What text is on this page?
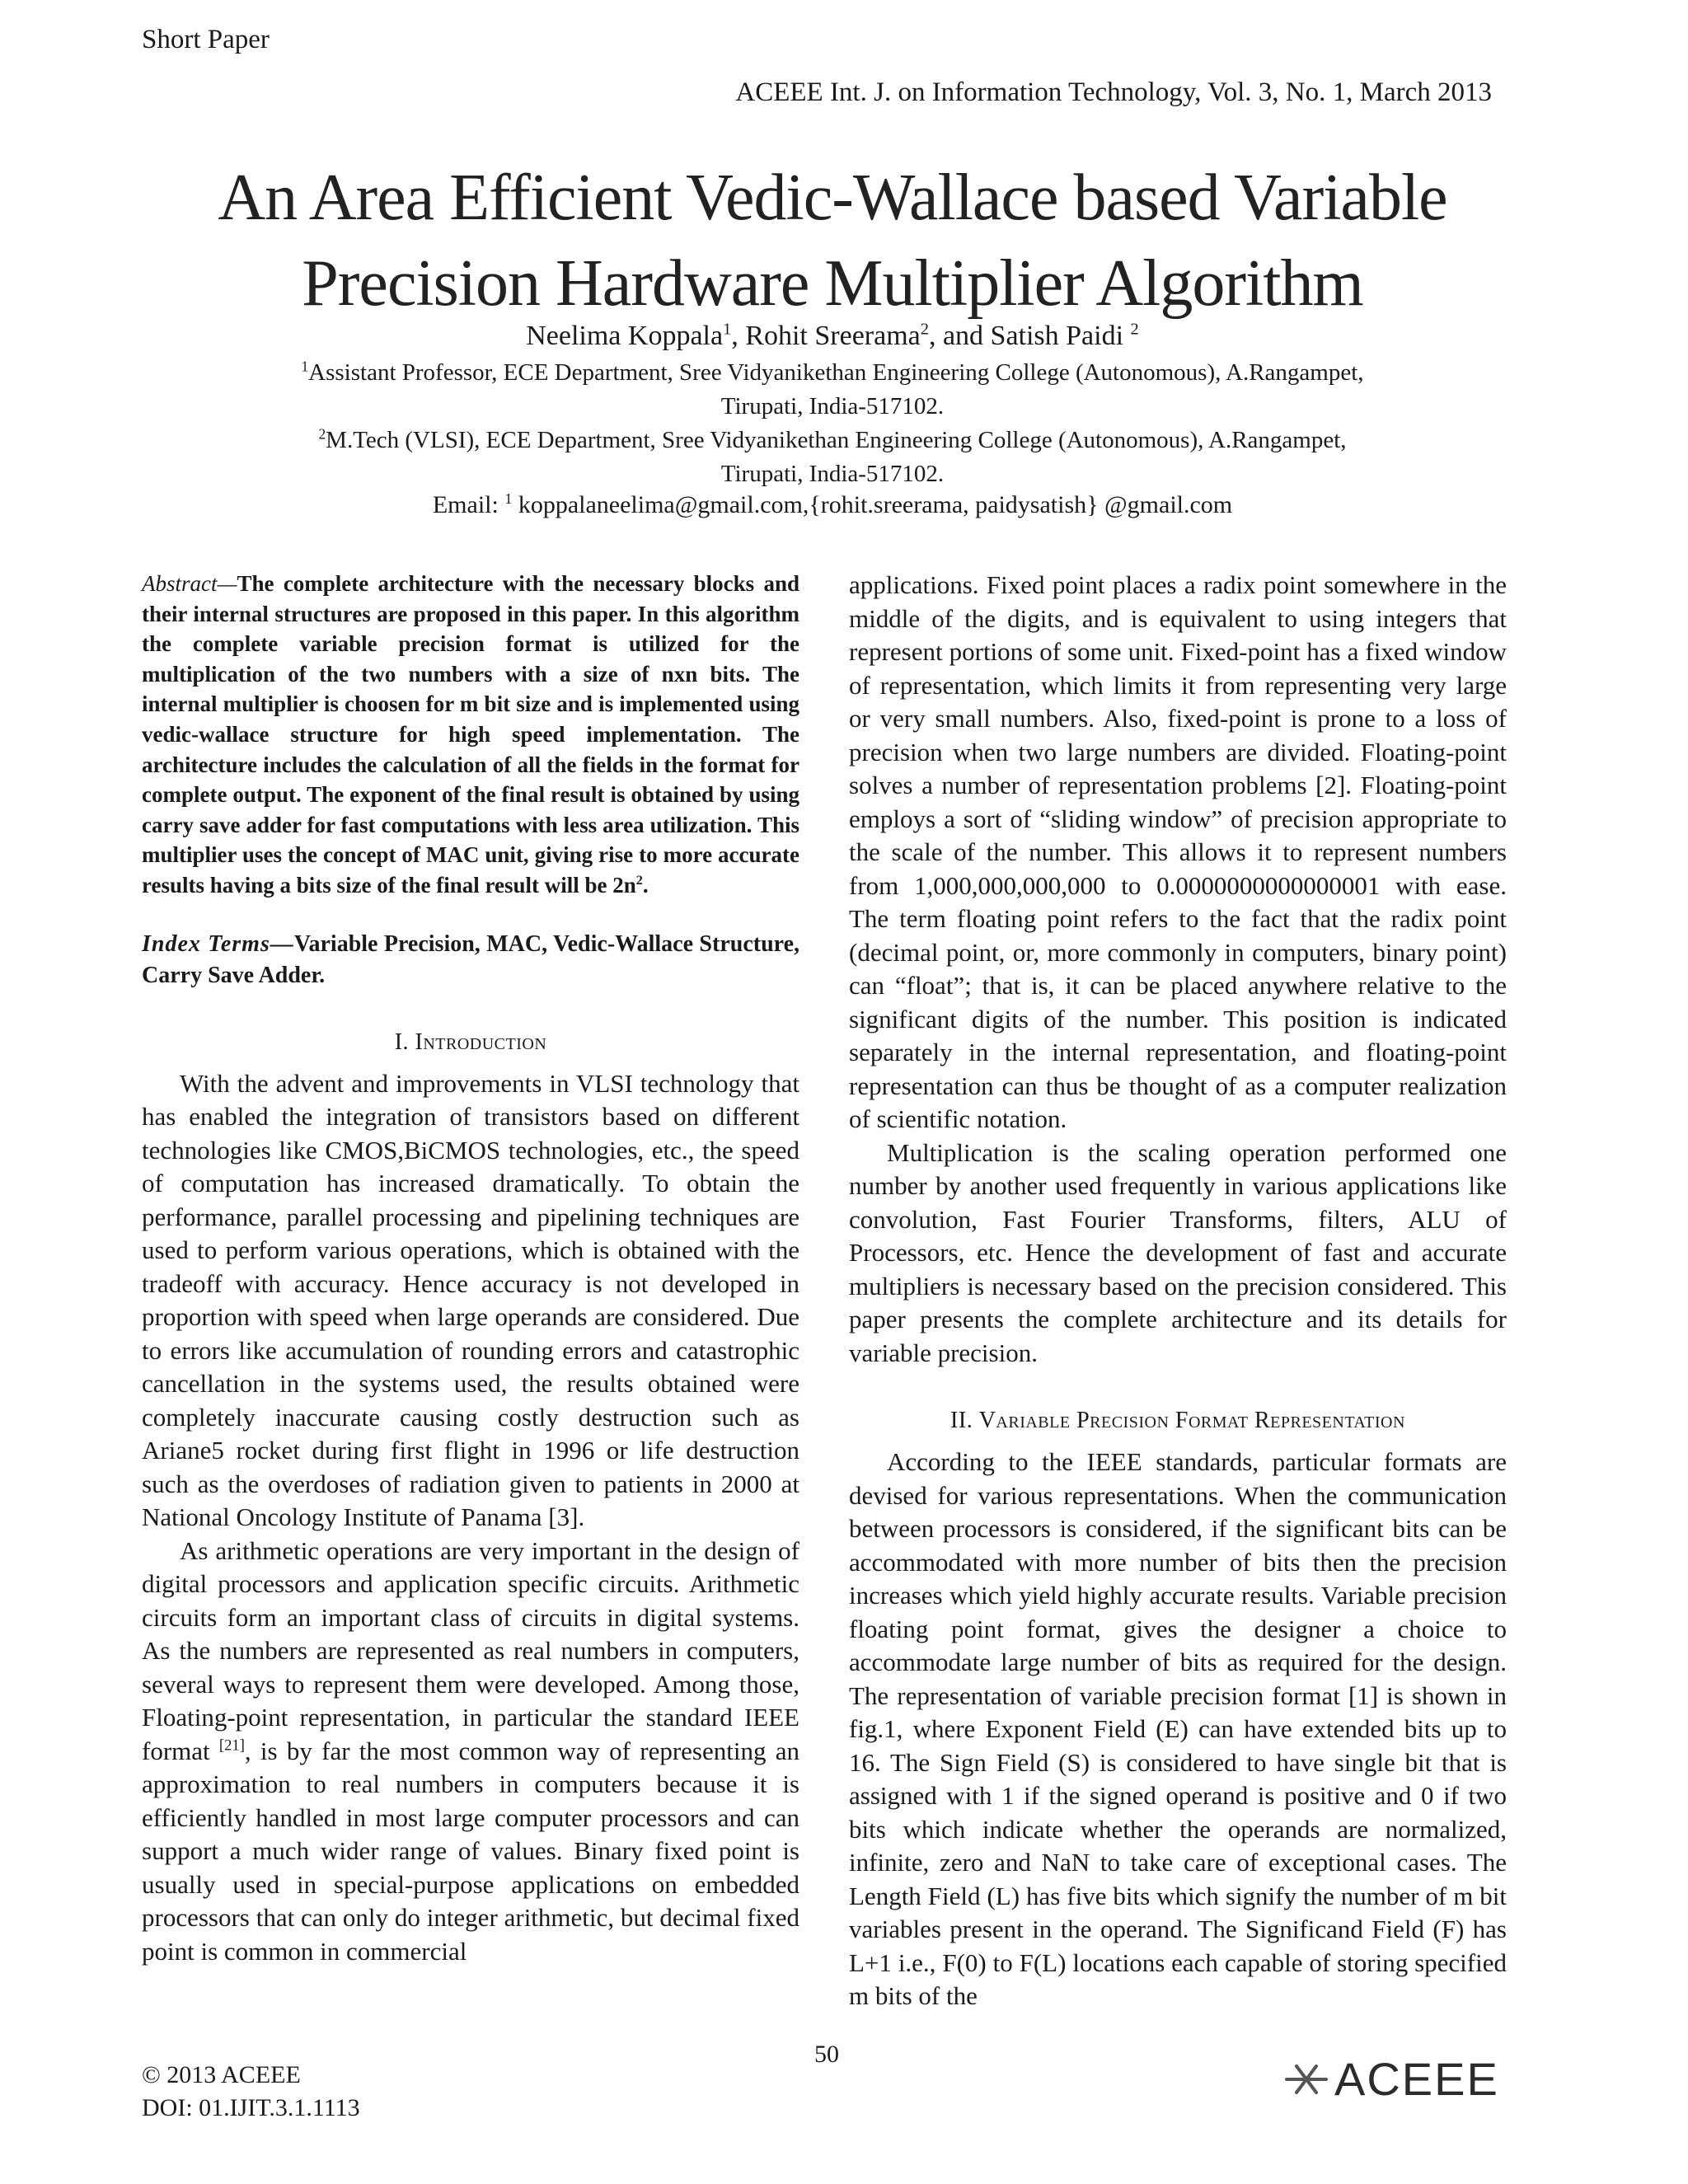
Short Paper
ACEEE Int. J. on Information Technology, Vol. 3, No. 1, March 2013
An Area Efficient Vedic-Wallace based Variable
Precision Hardware Multiplier Algorithm
Neelima Koppala$^1$, Rohit Sreerama$^2$, and Satish Paidi $^2$
$^1$Assistant Professor, ECE Department, Sree Vidyanikethan Engineering College (Autonomous), A.Rangampet,
Tirupati, India-517102.
$^2$M.Tech (VLSI), ECE Department, Sree Vidyanikethan Engineering College (Autonomous), A.Rangampet,
Tirupati, India-517102.
Email: $^1$ koppalaneelima@gmail.com,{rohit.sreerama, paidysatish} @gmail.com

Abstract—The complete architecture with the necessary blocks and their internal structures are proposed in this paper. In this algorithm the complete variable precision format is utilized for the multiplication of the two numbers with a size of nxn bits. The internal multiplier is choosen for m bit size and is implemented using vedic-wallace structure for high speed implementation. The architecture includes the calculation of all the fields in the format for complete output. The exponent of the final result is obtained by using carry save adder for fast computations with less area utilization. This multiplier uses the concept of MAC unit, giving rise to more accurate results having a bits size of the final result will be $2n^2$.

Index Terms—Variable Precision, MAC, Vedic-Wallace Structure, Carry Save Adder.

I. Introduction

With the advent and improvements in VLSI technology that has enabled the integration of transistors based on different technologies like CMOS,BiCMOS technologies, etc., the speed of computation has increased dramatically. To obtain the performance, parallel processing and pipelining techniques are used to perform various operations, which is obtained with the tradeoff with accuracy. Hence accuracy is not developed in proportion with speed when large operands are considered. Due to errors like accumulation of rounding errors and catastrophic cancellation in the systems used, the results obtained were completely inaccurate causing costly destruction such as Ariane5 rocket during first flight in 1996 or life destruction such as the overdoses of radiation given to patients in 2000 at National Oncology Institute of Panama [3].

As arithmetic operations are very important in the design of digital processors and application specific circuits. Arithmetic circuits form an important class of circuits in digital systems. As the numbers are represented as real numbers in computers, several ways to represent them were developed. Among those, Floating-point representation, in particular the standard IEEE format [21], is by far the most common way of representing an approximation to real numbers in computers because it is efficiently handled in most large computer processors and can support a much wider range of values. Binary fixed point is usually used in special-purpose applications on embedded processors that can only do integer arithmetic, but decimal fixed point is common in commercial

applications. Fixed point places a radix point somewhere in the middle of the digits, and is equivalent to using integers that represent portions of some unit. Fixed-point has a fixed window of representation, which limits it from representing very large or very small numbers. Also, fixed-point is prone to a loss of precision when two large numbers are divided. Floating-point solves a number of representation problems [2]. Floating-point employs a sort of “sliding window” of precision appropriate to the scale of the number. This allows it to represent numbers from 1,000,000,000,000 to 0.0000000000000001 with ease. The term floating point refers to the fact that the radix point (decimal point, or, more commonly in computers, binary point) can “float”; that is, it can be placed anywhere relative to the significant digits of the number. This position is indicated separately in the internal representation, and floating-point representation can thus be thought of as a computer realization of scientific notation.

Multiplication is the scaling operation performed one number by another used frequently in various applications like convolution, Fast Fourier Transforms, filters, ALU of Processors, etc. Hence the development of fast and accurate multipliers is necessary based on the precision considered. This paper presents the complete architecture and its details for variable precision.

II. Variable Precision Format Representation

According to the IEEE standards, particular formats are devised for various representations. When the communication between processors is considered, if the significant bits can be accommodated with more number of bits then the precision increases which yield highly accurate results. Variable precision floating point format, gives the designer a choice to accommodate large number of bits as required for the design. The representation of variable precision format [1] is shown in fig.1, where Exponent Field (E) can have extended bits up to 16. The Sign Field (S) is considered to have single bit that is assigned with 1 if the signed operand is positive and 0 if two bits which indicate whether the operands are normalized, infinite, zero and NaN to take care of exceptional cases. The Length Field (L) has five bits which signify the number of m bit variables present in the operand. The Significand Field (F) has L+1 i.e., F(0) to F(L) locations each capable of storing specified m bits of the

© 2013 ACEEE
DOI: 01.IJIT.3.1.1113
50	ACEEE
